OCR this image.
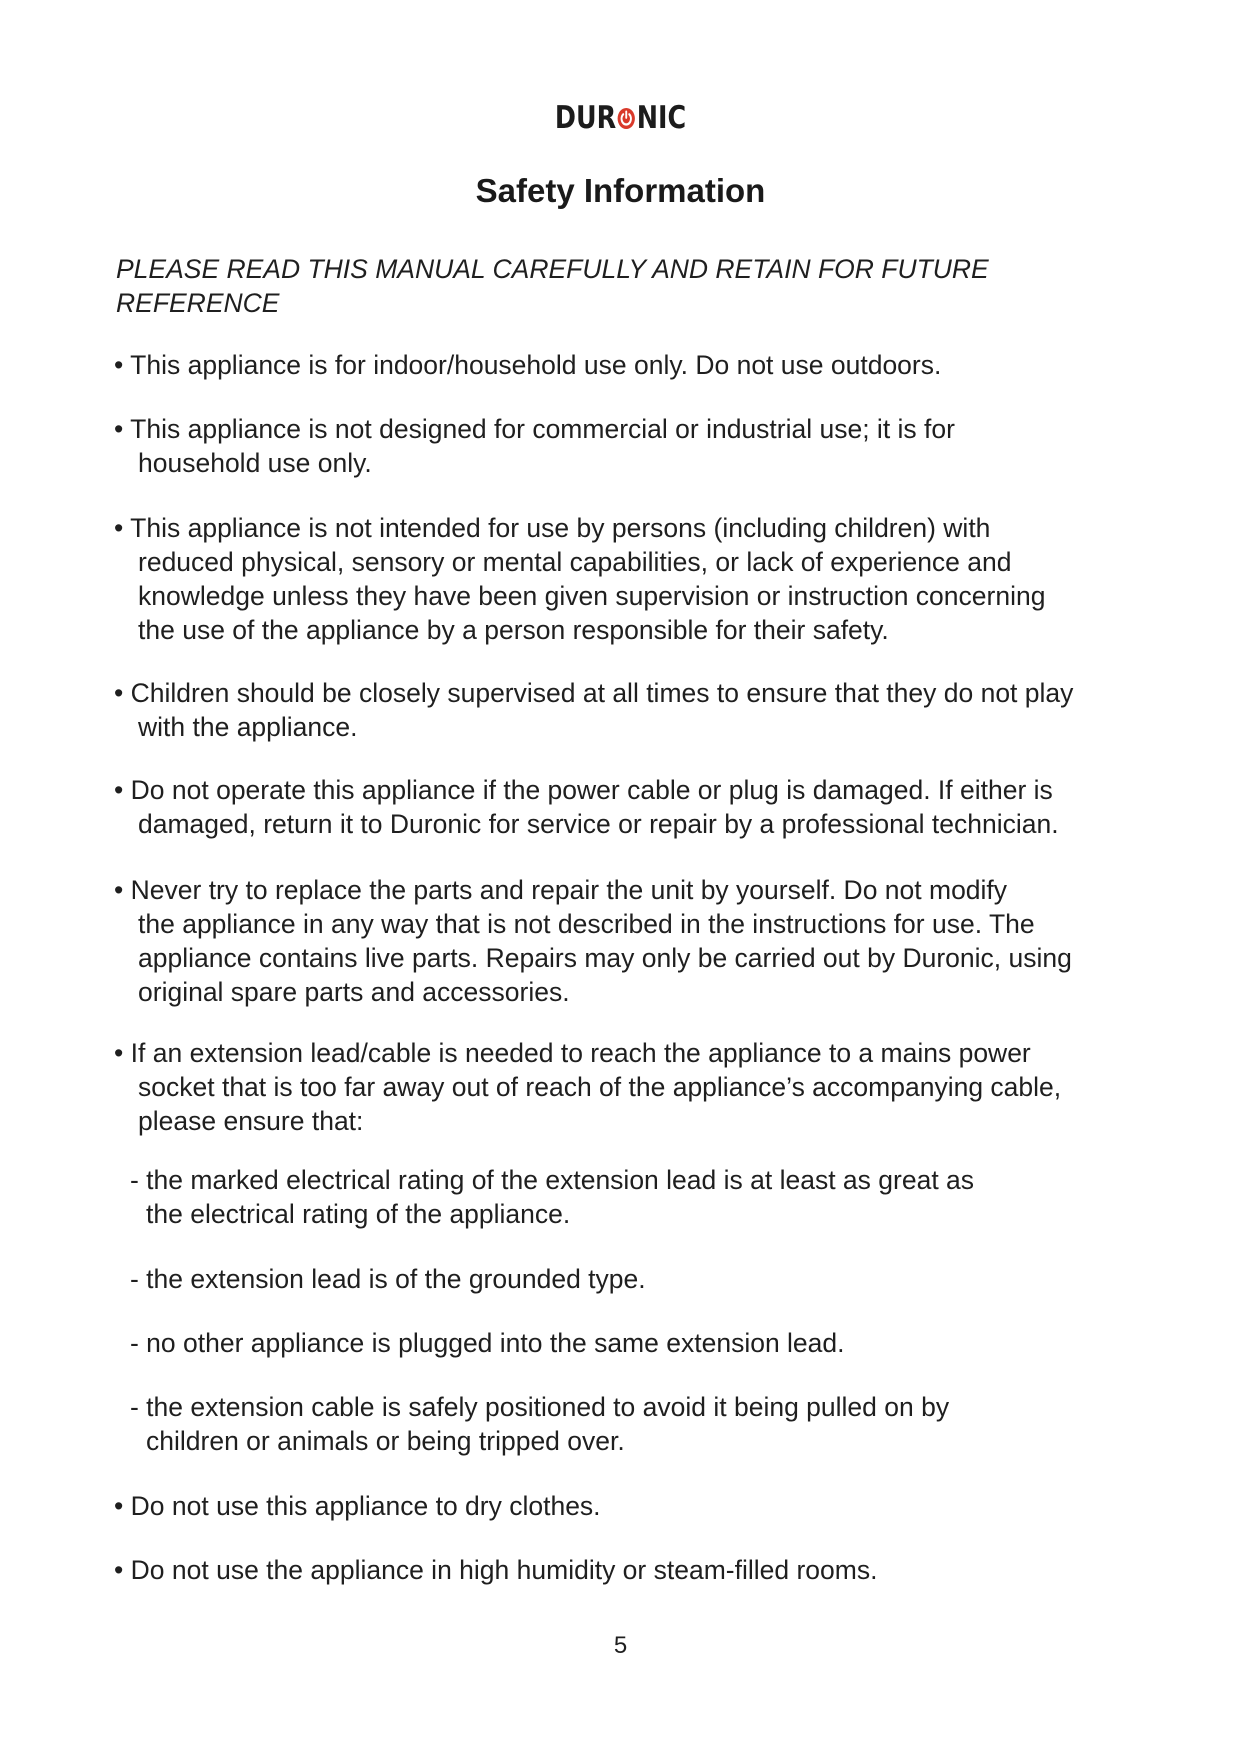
DUR NIC
Safety Information
PLEASE READ THIS MANUAL CAREFULLY AND RETAIN FOR FUTURE
REFERENCE
• This appliance is for indoor/household use only. Do not use outdoors.
• This appliance is not designed for commercial or industrial use; it is for
household use only.
• This appliance is not intended for use by persons (including children) with
reduced physical, sensory or mental capabilities, or lack of experience and
knowledge unless they have been given supervision or instruction concerning
the use of the appliance by a person responsible for their safety.
• Children should be closely supervised at all times to ensure that they do not play
with the appliance.
• Do not operate this appliance if the power cable or plug is damaged. If either is
damaged, return it to Duronic for service or repair by a professional technician.
• Never try to replace the parts and repair the unit by yourself. Do not modify
the appliance in any way that is not described in the instructions for use. The
appliance contains live parts. Repairs may only be carried out by Duronic, using
original spare parts and accessories.
• If an extension lead/cable is needed to reach the appliance to a mains power
socket that is too far away out of reach of the appliance’s accompanying cable,
please ensure that:
- the marked electrical rating of the extension lead is at least as great as
the electrical rating of the appliance.
- the extension lead is of the grounded type.
- no other appliance is plugged into the same extension lead.
- the extension cable is safely positioned to avoid it being pulled on by
children or animals or being tripped over.
• Do not use this appliance to dry clothes.
• Do not use the appliance in high humidity or steam-filled rooms.
5
